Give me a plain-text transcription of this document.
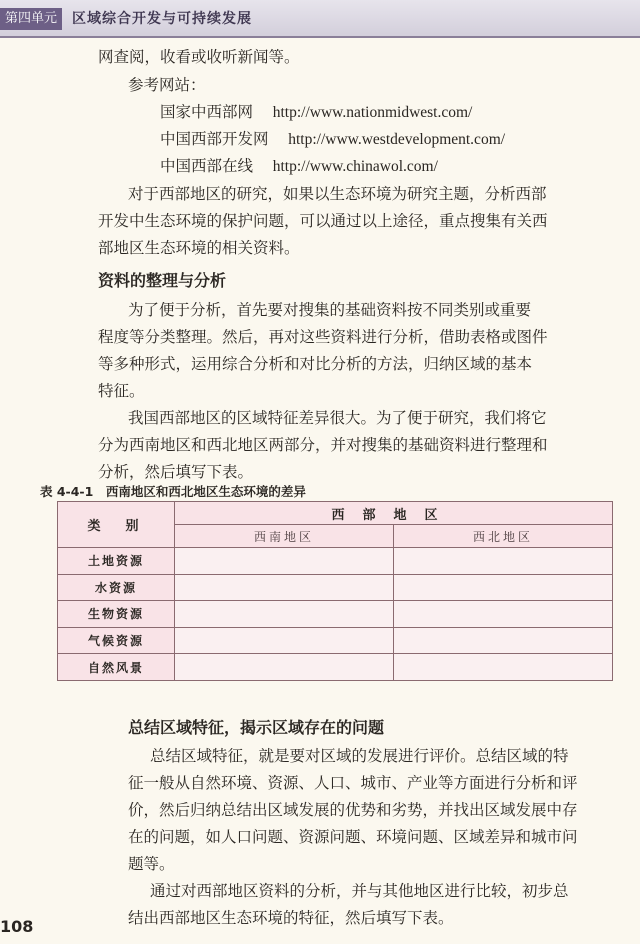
第四单元	区域综合开发与可持续发展

网查阅，收看或收听新闻等。

参考网站：

国家中西部网 http://www.nationmidwest.com/

中国西部开发网 http://www.westdevelopment.com/

中国西部在线 http://www.chinawol.com/

对于西部地区的研究，如果以生态环境为研究主题，分析西部

开发中生态环境的保护问题，可以通过以上途径，重点搜集有关西

部地区生态环境的相关资料。

资料的整理与分析

为了便于分析，首先要对搜集的基础资料按不同类别或重要

程度等分类整理。然后，再对这些资料进行分析，借助表格或图件

等多种形式，运用综合分析和对比分析的方法，归纳区域的基本

特征。

我国西部地区的区域特征差异很大。为了便于研究，我们将它

分为西南地区和西北地区两部分，并对搜集的基础资料进行整理和

分析，然后填写下表。

表 4-4-1　西南地区和西北地区生态环境的差异
类　别	西部地区	
	西南地区	西北地区
土地资源		
水资源		
生物资源		
气候资源		
自然风景		
总结区域特征，揭示区域存在的问题

总结区域特征，就是要对区域的发展进行评价。总结区域的特

征一般从自然环境、资源、人口、城市、产业等方面进行分析和评

价，然后归纳总结出区域发展的优势和劣势，并找出区域发展中存

在的问题，如人口问题、资源问题、环境问题、区域差异和城市问

题等。

通过对西部地区资料的分析，并与其他地区进行比较，初步总

结出西部地区生态环境的特征，然后填写下表。

108
